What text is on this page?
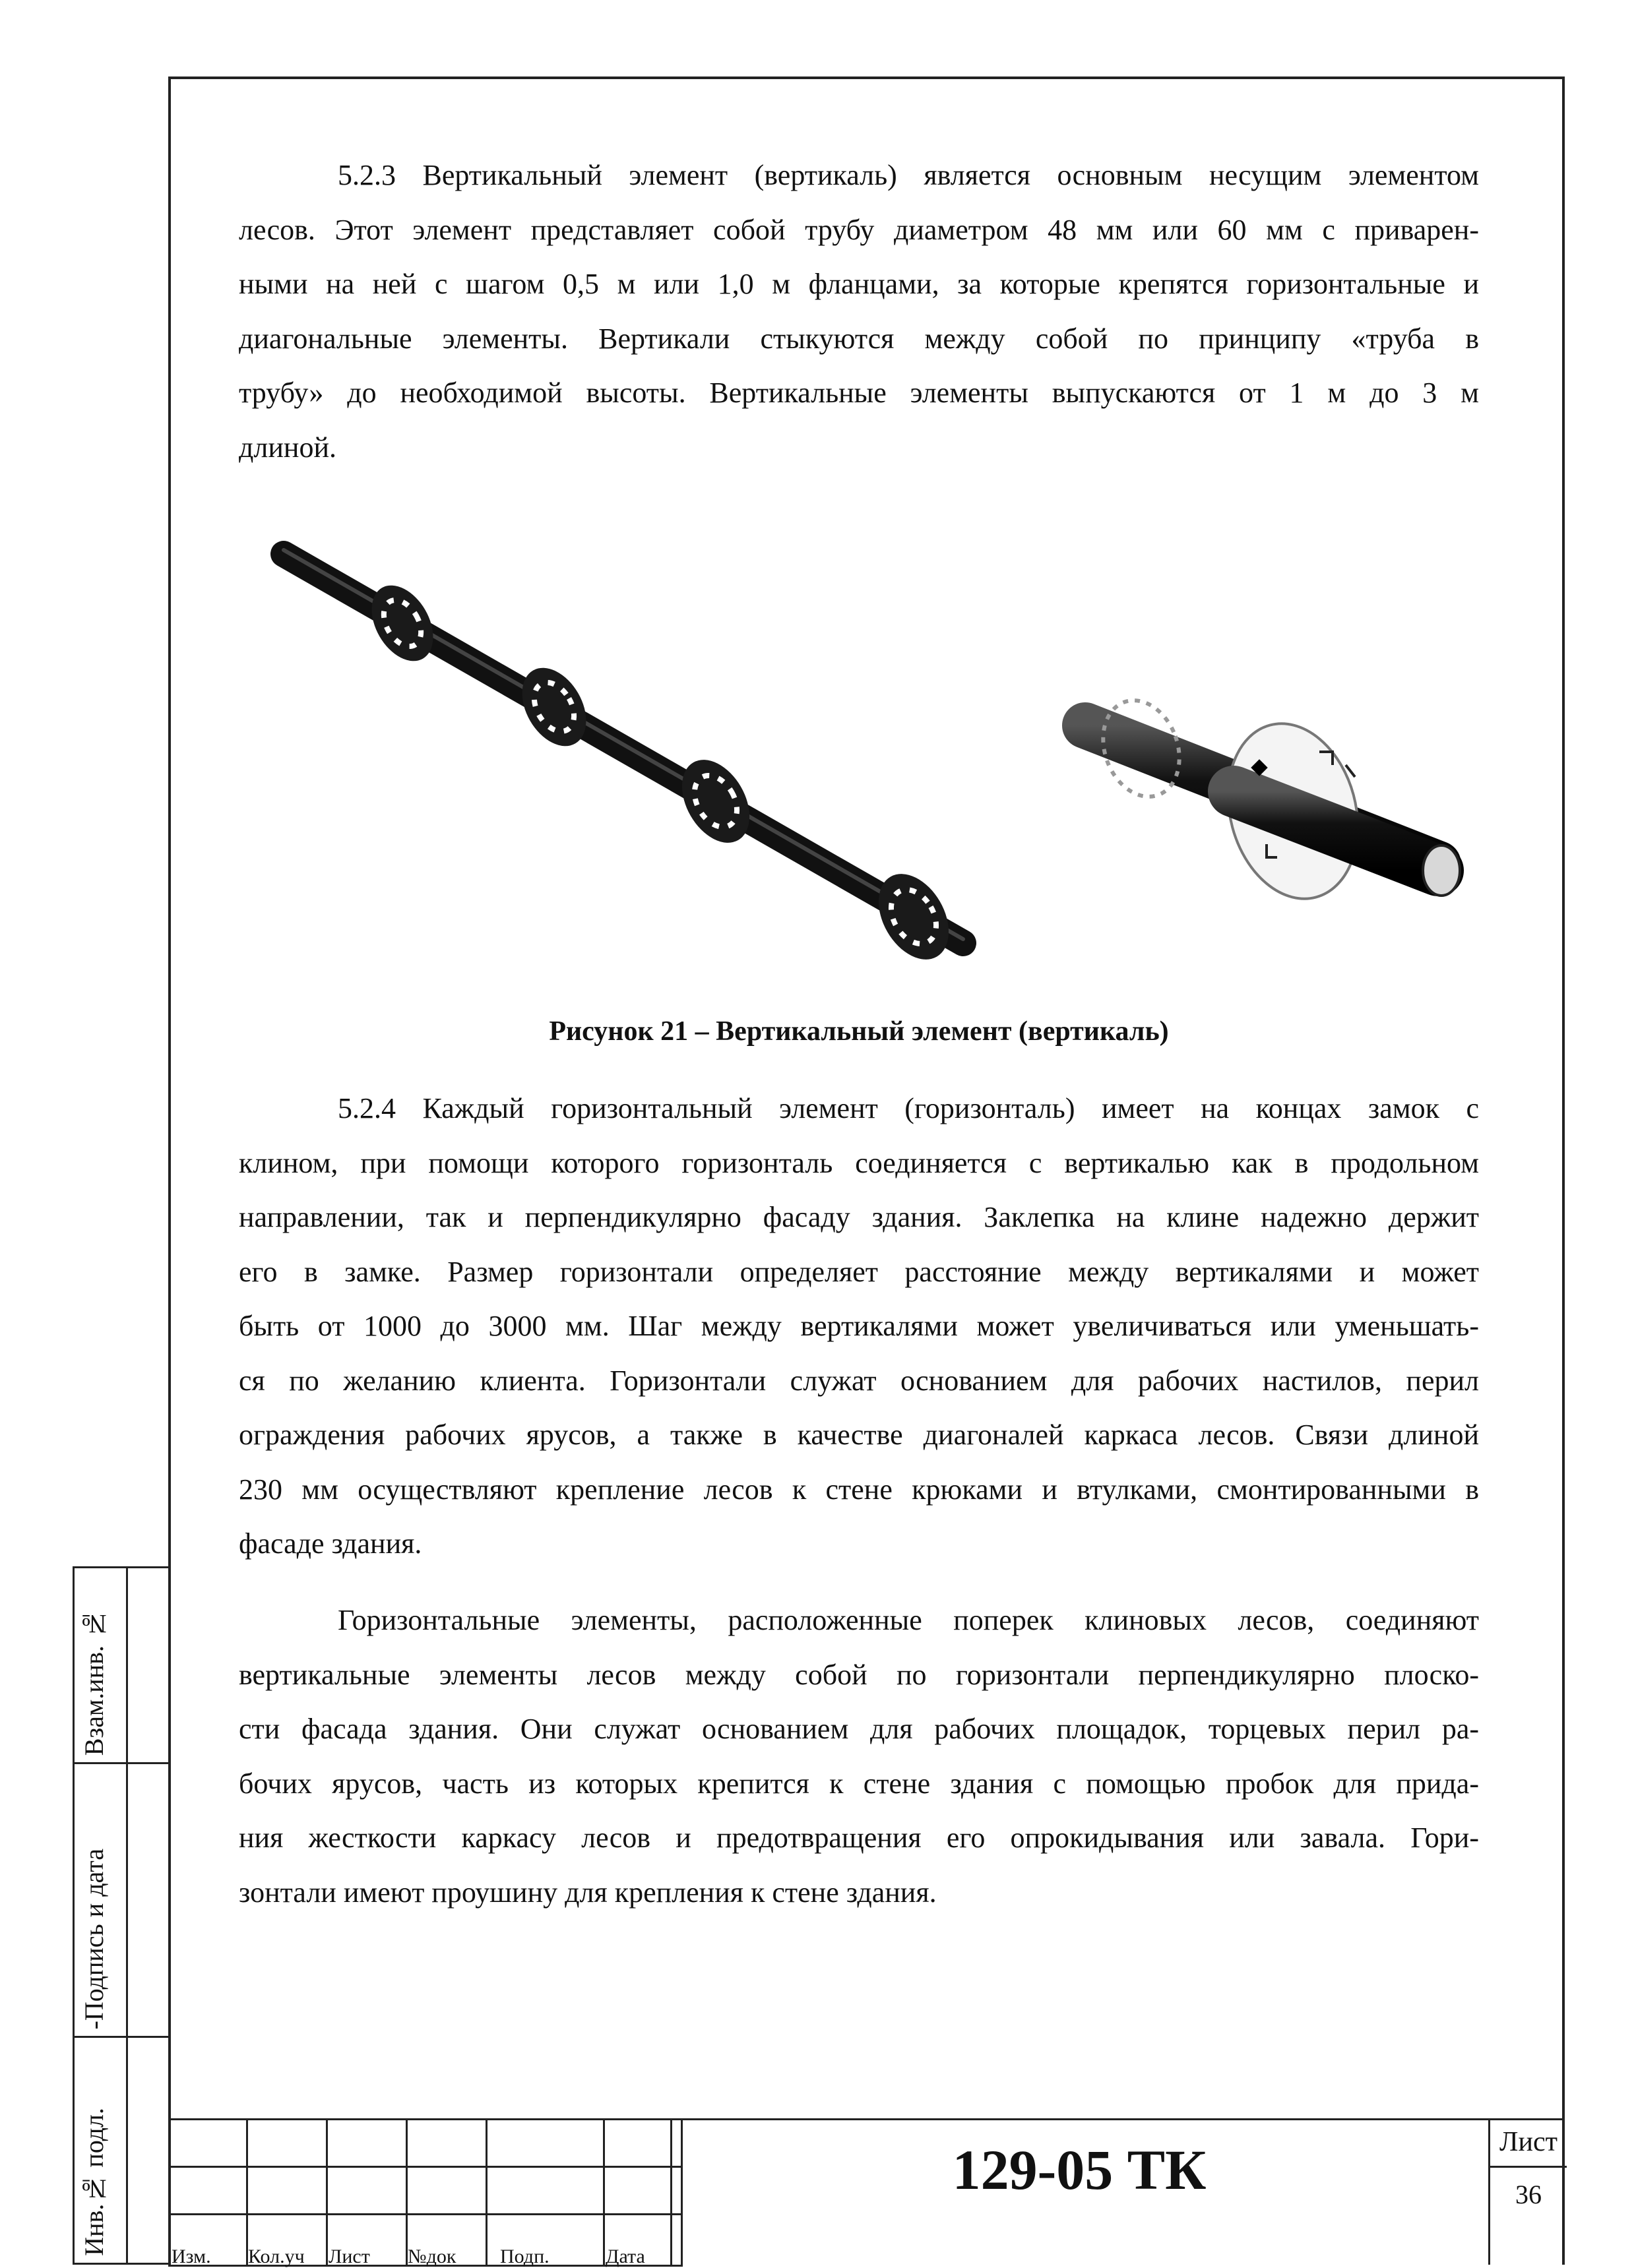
5.2.3 Вертикальный элемент (вертикаль) является основным несущим элементом
лесов. Этот элемент представляет собой трубу диаметром 48 мм или 60 мм с приварен-
ными на ней с шагом 0,5 м или 1,0 м фланцами, за которые крепятся горизонтальные и
диагональные элементы. Вертикали стыкуются между собой по принципу «труба в
трубу» до необходимой высоты. Вертикальные элементы выпускаются от 1 м до 3 м
длиной.
Рисунок 21 – Вертикальный элемент (вертикаль)
5.2.4 Каждый горизонтальный элемент (горизонталь) имеет на концах замок с
клином, при помощи которого горизонталь соединяется с вертикалью как в продольном
направлении, так и перпендикулярно фасаду здания. Заклепка на клине надежно держит
его в замке. Размер горизонтали определяет расстояние между вертикалями и может
быть от 1000 до 3000 мм. Шаг между вертикалями может увеличиваться или уменьшать-
ся по желанию клиента. Горизонтали служат основанием для рабочих настилов, перил
ограждения рабочих ярусов, а также в качестве диагоналей каркаса лесов. Связи длиной
230 мм осуществляют крепление лесов к стене крюками и втулками, смонтированными в
фасаде здания.
Горизонтальные элементы, расположенные поперек клиновых лесов, соединяют
вертикальные элементы лесов между собой по горизонтали перпендикулярно плоско-
сти фасада здания. Они служат основанием для рабочих площадок, торцевых перил ра-
бочих ярусов, часть из которых крепится к стене здания с помощью пробок для прида-
ния жесткости каркасу лесов и предотвращения его опрокидывания или завала. Гори-
зонтали имеют проушину для крепления к стене здания.
Взам.инв. №
-Подпись и дата
Инв.№ подл.

Изм. Кол.уч Лист №док Подп.	Дата
129-05 ТК	Лист
36
